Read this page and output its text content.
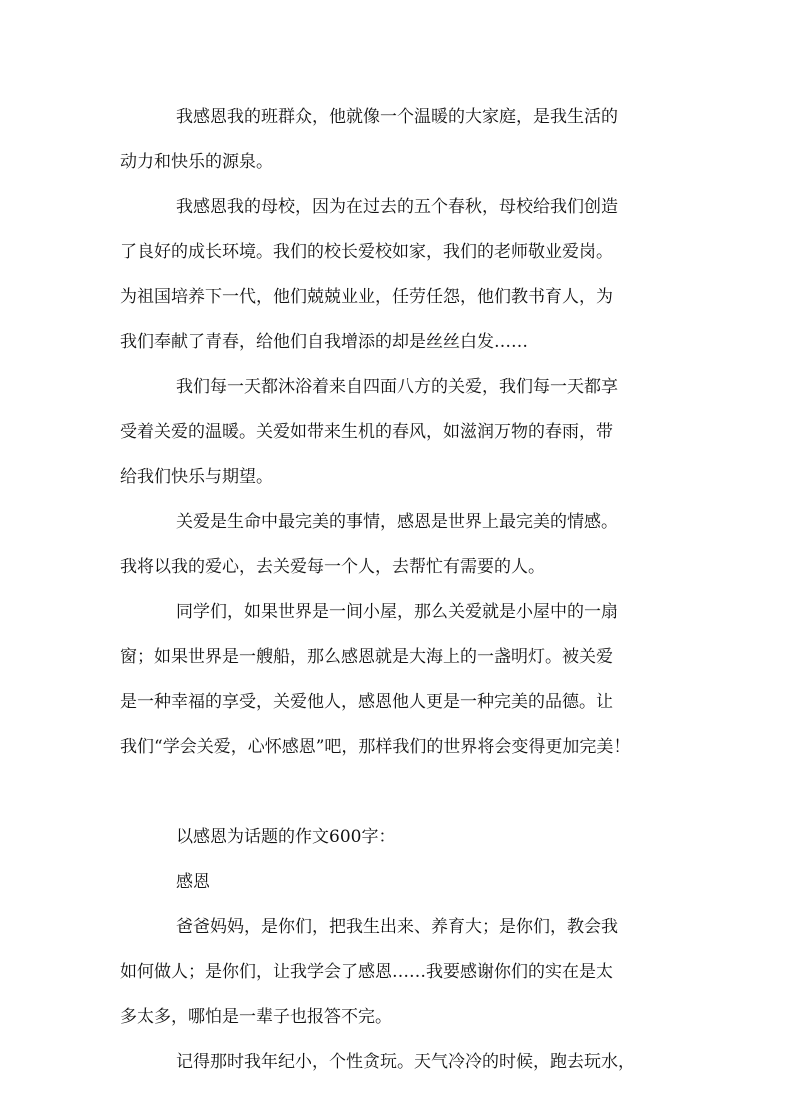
我感恩我的班群众，他就像一个温暖的大家庭，是我生活的
动力和快乐的源泉。
我感恩我的母校，因为在过去的五个春秋，母校给我们创造
了良好的成长环境。我们的校长爱校如家，我们的老师敬业爱岗。
为祖国培养下一代，他们兢兢业业，任劳任怨，他们教书育人，为
我们奉献了青春，给他们自我增添的却是丝丝白发……
我们每一天都沐浴着来自四面八方的关爱，我们每一天都享
受着关爱的温暖。关爱如带来生机的春风，如滋润万物的春雨，带
给我们快乐与期望。
关爱是生命中最完美的事情，感恩是世界上最完美的情感。
我将以我的爱心，去关爱每一个人，去帮忙有需要的人。
同学们，如果世界是一间小屋，那么关爱就是小屋中的一扇
窗；如果世界是一艘船，那么感恩就是大海上的一盏明灯。被关爱
是一种幸福的享受，关爱他人，感恩他人更是一种完美的品德。让
我们“学会关爱，心怀感恩”吧，那样我们的世界将会变得更加完美！
以感恩为话题的作文600字：
感恩
爸爸妈妈，是你们，把我生出来、养育大；是你们，教会我
如何做人；是你们，让我学会了感恩……我要感谢你们的实在是太
多太多，哪怕是一辈子也报答不完。
记得那时我年纪小，个性贪玩。天气冷冷的时候，跑去玩水，
